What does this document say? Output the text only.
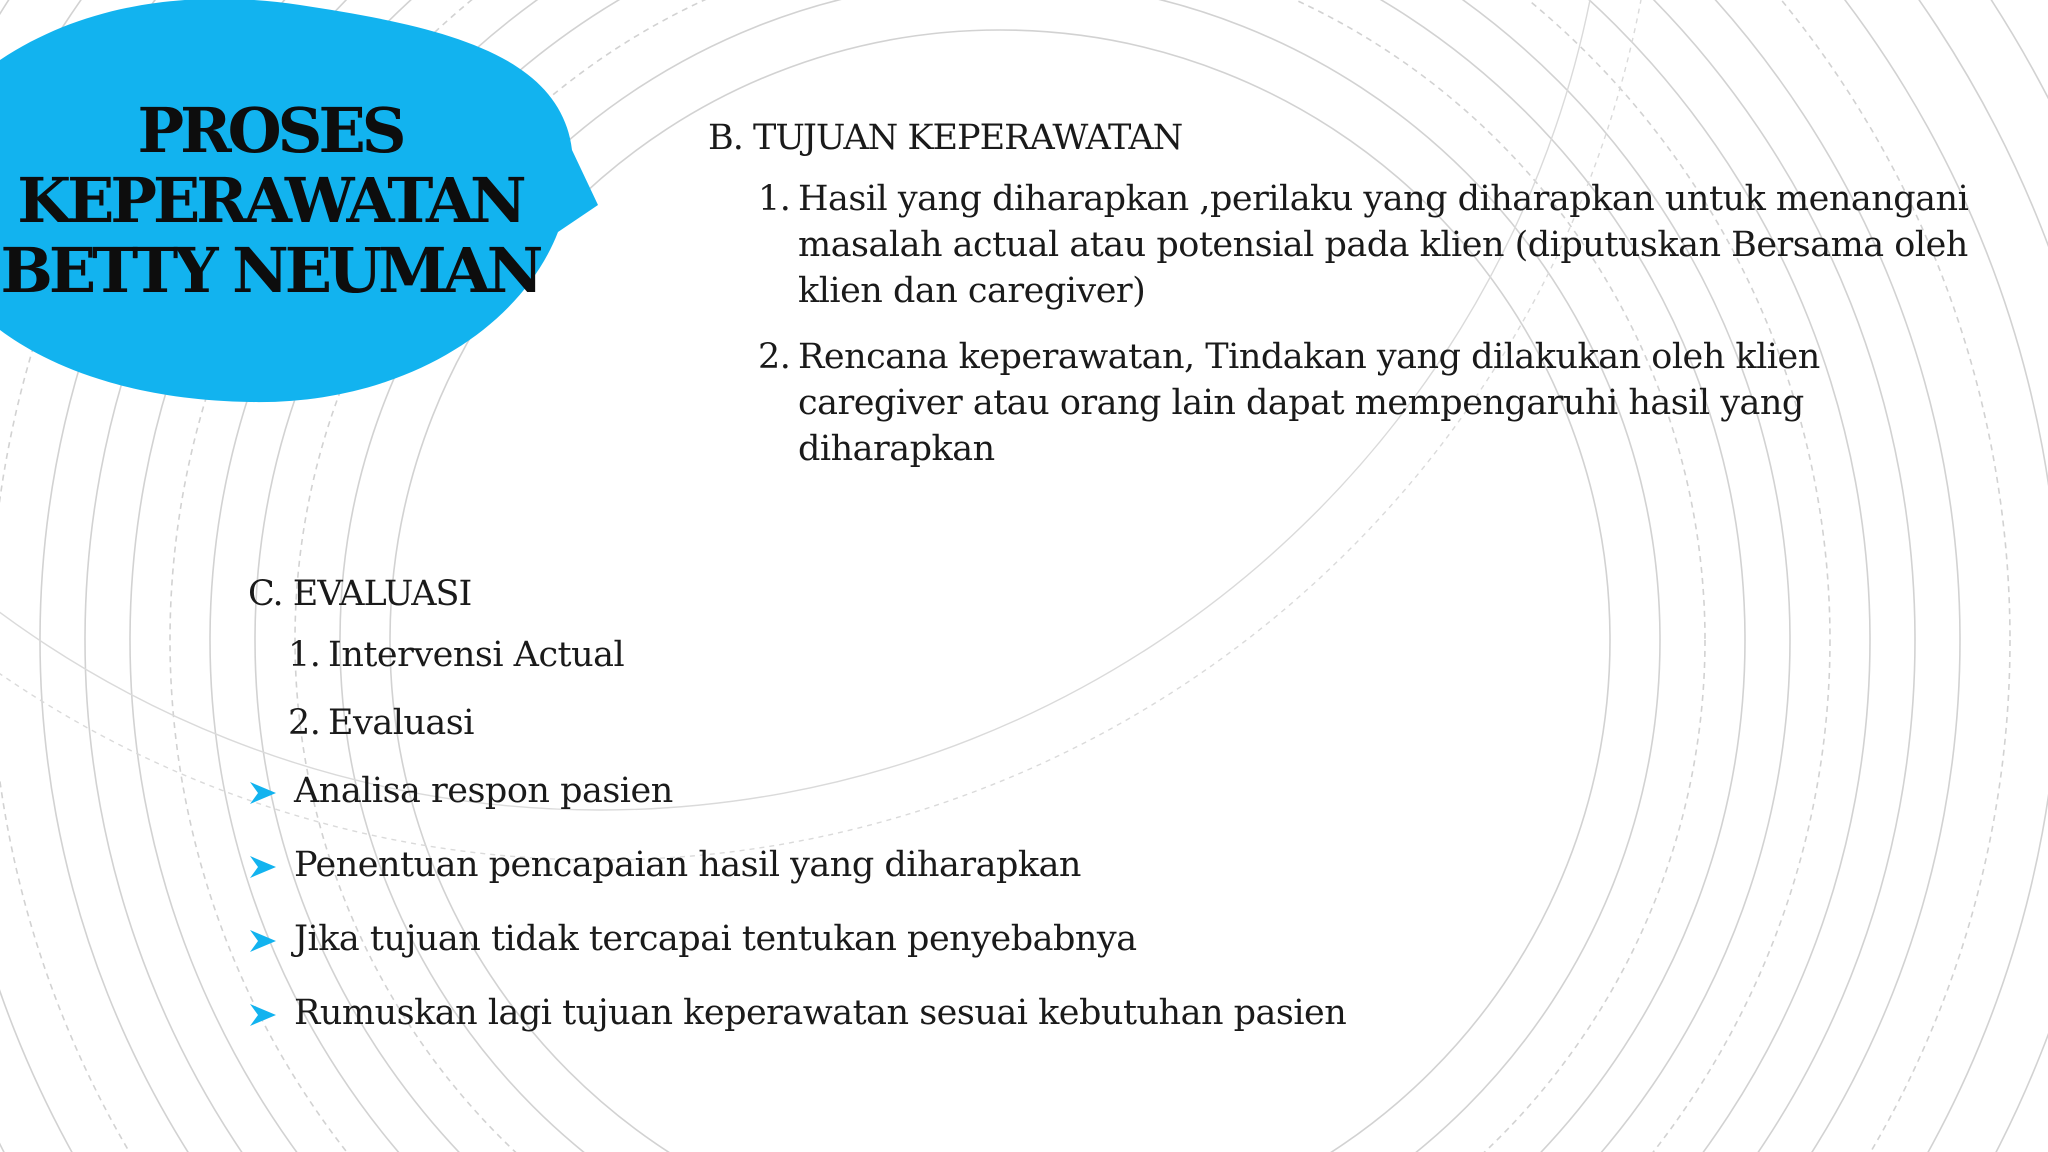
PROSES
KEPERAWATAN
BETTY NEUMAN
B. TUJUAN KEPERAWATAN
1. Hasil yang diharapkan ,perilaku yang diharapkan untuk menangani masalah actual atau potensial pada klien (diputuskan Bersama oleh klien dan caregiver)
2. Rencana keperawatan, Tindakan yang dilakukan oleh klien caregiver atau orang lain dapat mempengaruhi hasil yang diharapkan
C. EVALUASI
1. Intervensi Actual
2. Evaluasi
Analisa respon pasien
Penentuan pencapaian hasil yang diharapkan
Jika tujuan tidak tercapai tentukan penyebabnya
Rumuskan lagi tujuan keperawatan sesuai kebutuhan pasien
